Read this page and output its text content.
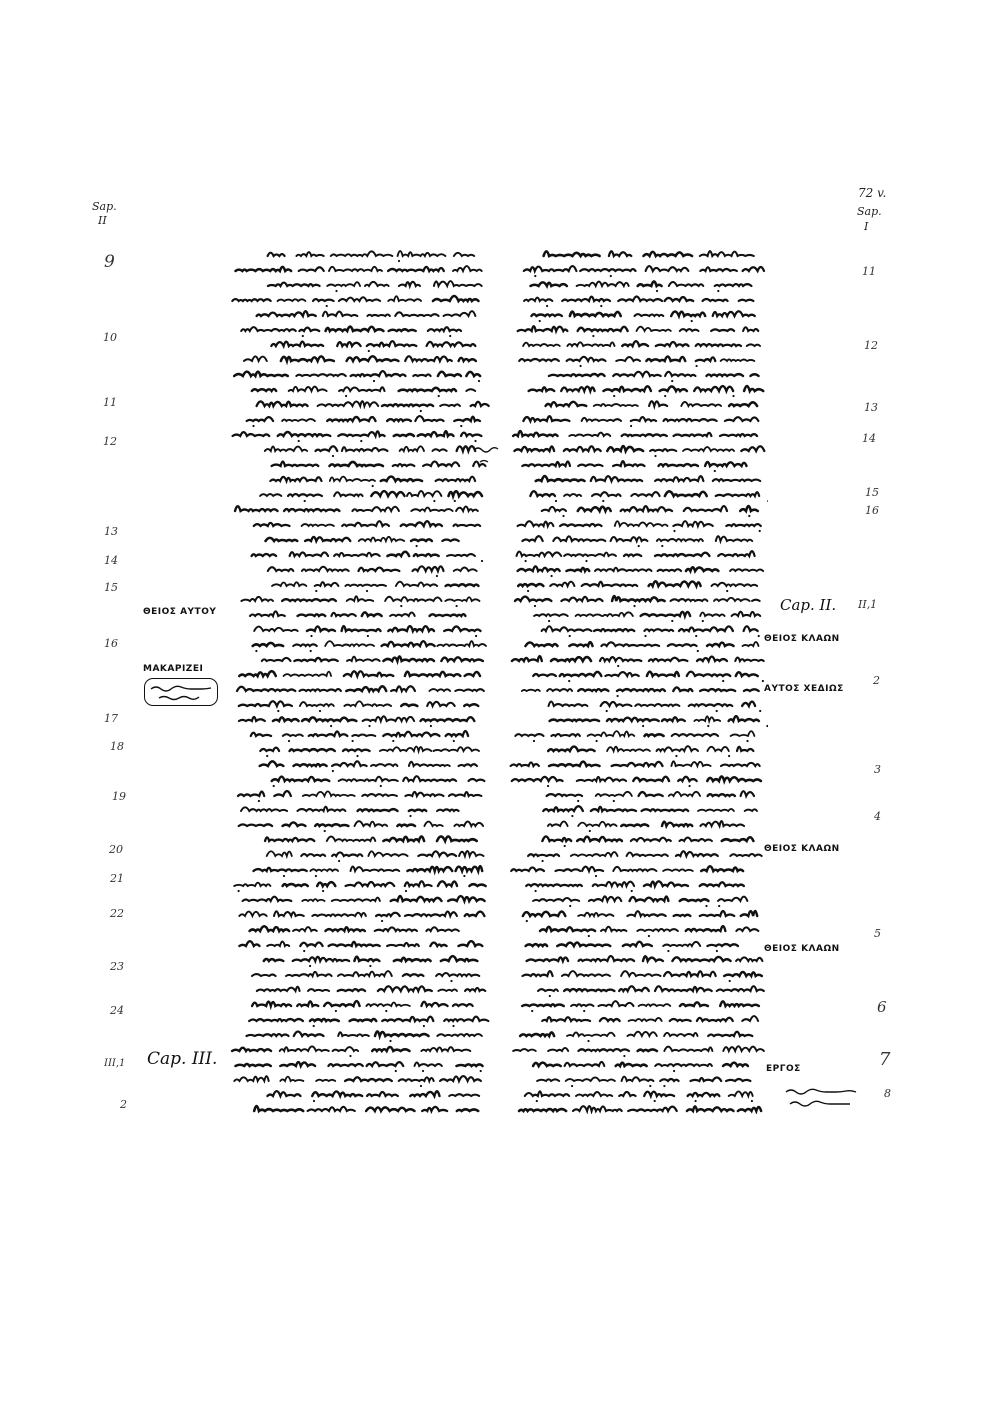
Sap.
II
72 v.
Sap.
I
9
10
11
12
13
14
15
16
17
18
19
20
21
22
23
24
III,1
2
Cap. III.
ΘΕΙΟΣ ΑΥΤΟΥ
ΜΑΚΑΡΙΖΕΙ
11
12
13
14
15
16
II,1
2
3
4
5
6
7
8
Cap. II.
ΘΕΙΟΣ ΚΛΑΩΝ
ΑΥΤΟΣ ΧΕΔΙΩΣ
ΘΕΙΟΣ ΚΛΑΩΝ
ΘΕΙΟΣ ΚΛΑΩΝ
ΕΡΓΟΣ
